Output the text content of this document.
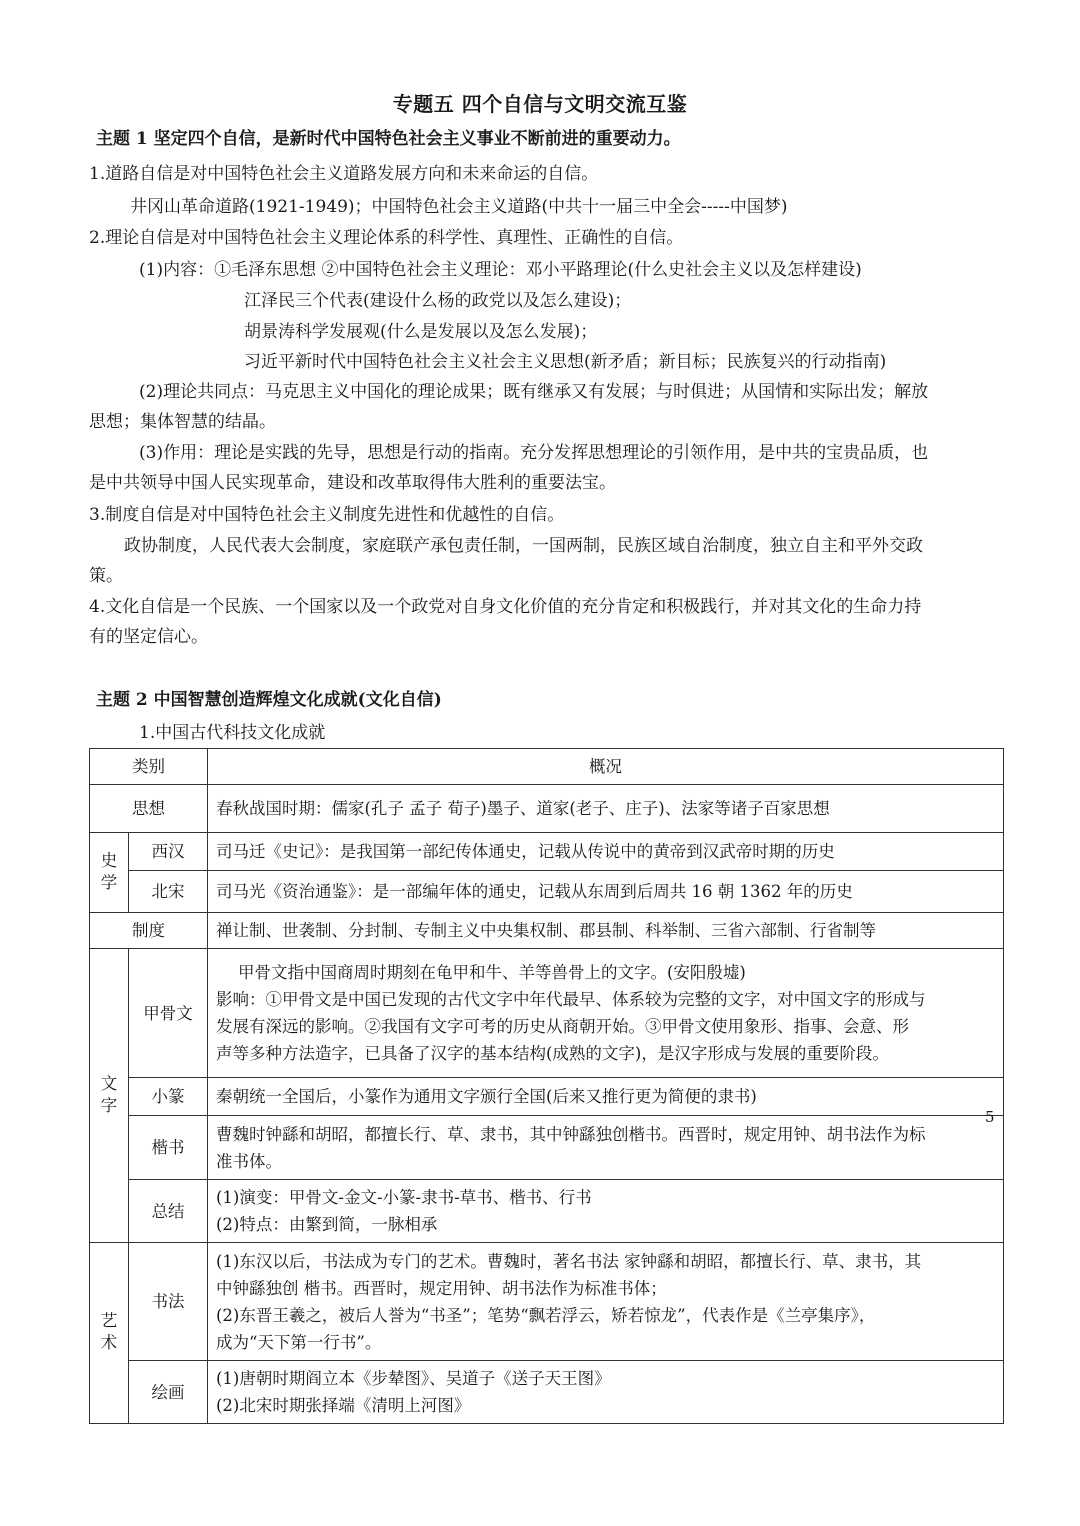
专题五 四个自信与文明交流互鉴
主题 1 坚定四个自信，是新时代中国特色社会主义事业不断前进的重要动力。
1.道路自信是对中国特色社会主义道路发展方向和未来命运的自信。
井冈山革命道路(1921-1949)；中国特色社会主义道路(中共十一届三中全会-----中国梦)
2.理论自信是对中国特色社会主义理论体系的科学性、真理性、正确性的自信。
(1)内容：①毛泽东思想 ②中国特色社会主义理论：邓小平路理论(什么史社会主义以及怎样建设)
江泽民三个代表(建设什么杨的政党以及怎么建设)；
胡景涛科学发展观(什么是发展以及怎么发展)；
习近平新时代中国特色社会主义社会主义思想(新矛盾；新目标；民族复兴的行动指南)
(2)理论共同点：马克思主义中国化的理论成果；既有继承又有发展；与时俱进；从国情和实际出发；解放
思想；集体智慧的结晶。
(3)作用：理论是实践的先导，思想是行动的指南。充分发挥思想理论的引领作用，是中共的宝贵品质，也
是中共领导中国人民实现革命，建设和改革取得伟大胜利的重要法宝。
3.制度自信是对中国特色社会主义制度先进性和优越性的自信。
政协制度，人民代表大会制度，家庭联产承包责任制，一国两制，民族区域自治制度，独立自主和平外交政
策。
4.文化自信是一个民族、一个国家以及一个政党对自身文化价值的充分肯定和积极践行，并对其文化的生命力持
有的坚定信心。
主题 2 中国智慧创造辉煌文化成就(文化自信)
1.中国古代科技文化成就
类别		概况
思想		春秋战国时期：儒家(孔子 孟子 荀子)墨子、道家(老子、庄子)、法家等诸子百家思想
史学	西汉	司马迁《史记》：是我国第一部纪传体通史，记载从传说中的黄帝到汉武帝时期的历史
	北宋	司马光《资治通鉴》：是一部编年体的通史，记载从东周到后周共 16 朝 1362 年的历史
制度		禅让制、世袭制、分封制、专制主义中央集权制、郡县制、科举制、三省六部制、行省制等
文字	甲骨文	甲骨文指中国商周时期刻在龟甲和牛、羊等兽骨上的文字。(安阳殷墟)
影响：①甲骨文是中国已发现的古代文字中年代最早、体系较为完整的文字，对中国文字的形成与
发展有深远的影响。②我国有文字可考的历史从商朝开始。③甲骨文使用象形、指事、会意、形
声等多种方法造字，已具备了汉字的基本结构(成熟的文字)，是汉字形成与发展的重要阶段。

	小篆	秦朝统一全国后，小篆作为通用文字颁行全国(后来又推行更为简便的隶书)
	楷书	曹魏时钟繇和胡昭，都擅长行、草、隶书，其中钟繇独创楷书。西晋时，规定用钟、胡书法作为标
准书体。

	总结	(1)演变：甲骨文-金文-小篆-隶书-草书、楷书、行书
(2)特点：由繁到简，一脉相承

艺术	书法	(1)东汉以后，书法成为专门的艺术。曹魏时，著名书法 家钟繇和胡昭，都擅长行、草、隶书，其
中钟繇独创 楷书。西晋时，规定用钟、胡书法作为标准书体；
(2)东晋王羲之，被后人誉为“书圣”；笔势“飘若浮云，矫若惊龙”，代表作是《兰亭集序》，
成为“天下第一行书”。

	绘画	(1)唐朝时期阎立本《步辇图》、吴道子《送子天王图》
(2)北宋时期张择端《清明上河图》
5
